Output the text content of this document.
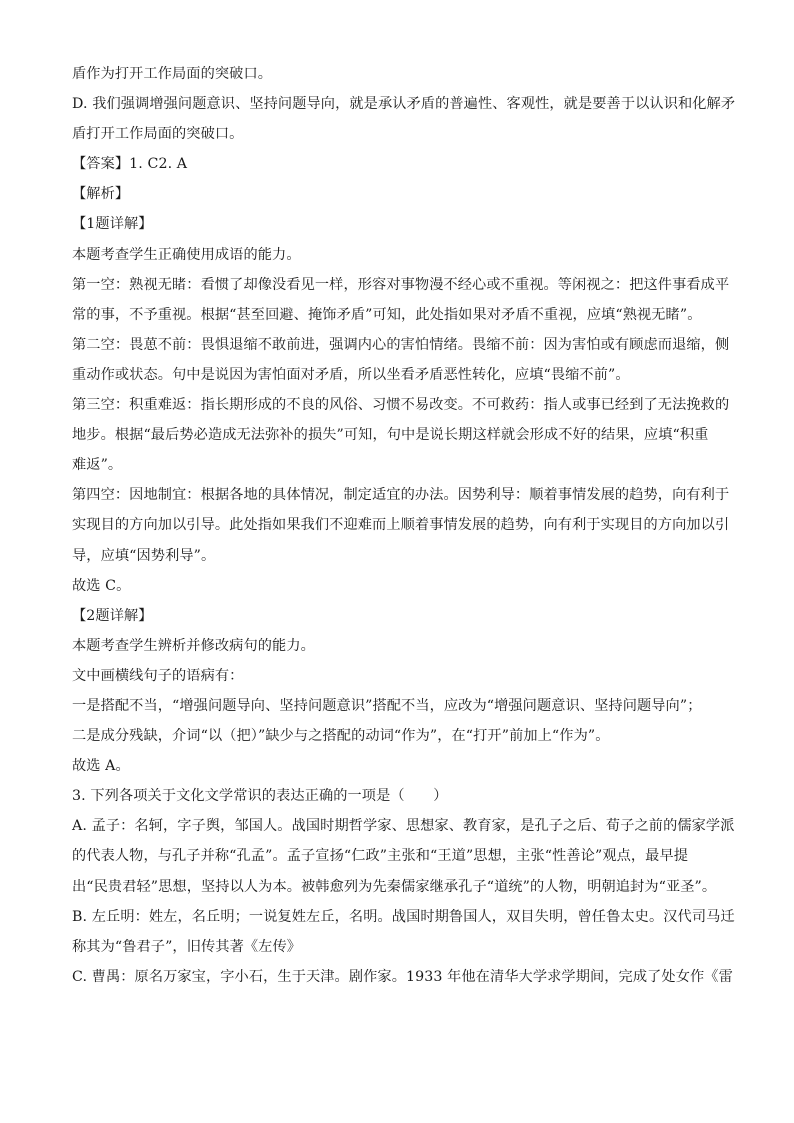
盾作为打开工作局面的突破口。
D. 我们强调增强问题意识、坚持问题导向，就是承认矛盾的普遍性、客观性，就是要善于以认识和化解矛
盾打开工作局面的突破口。
【答案】1. C2. A
【解析】
【1题详解】
本题考查学生正确使用成语的能力。
第一空：熟视无睹：看惯了却像没看见一样，形容对事物漫不经心或不重视。等闲视之：把这件事看成平
常的事，不予重视。根据“甚至回避、掩饰矛盾”可知，此处指如果对矛盾不重视，应填“熟视无睹”。
第二空：畏葸不前：畏惧退缩不敢前进，强调内心的害怕情绪。畏缩不前：因为害怕或有顾虑而退缩，侧
重动作或状态。句中是说因为害怕面对矛盾，所以坐看矛盾恶性转化，应填“畏缩不前”。
第三空：积重难返：指长期形成的不良的风俗、习惯不易改变。不可救药：指人或事已经到了无法挽救的
地步。根据“最后势必造成无法弥补的损失”可知，句中是说长期这样就会形成不好的结果，应填“积重
难返”。
第四空：因地制宜：根据各地的具体情况，制定适宜的办法。因势利导：顺着事情发展的趋势，向有利于
实现目的方向加以引导。此处指如果我们不迎难而上顺着事情发展的趋势，向有利于实现目的方向加以引
导，应填“因势利导”。
故选 C。
【2题详解】
本题考查学生辨析并修改病句的能力。
文中画横线句子的语病有：
一是搭配不当，“增强问题导向、坚持问题意识”搭配不当，应改为“增强问题意识、坚持问题导向”；
二是成分残缺，介词“以（把）”缺少与之搭配的动词“作为”，在“打开”前加上“作为”。
故选 A。
3. 下列各项关于文化文学常识的表达正确的一项是（　　）
A. 孟子：名轲，字子舆，邹国人。战国时期哲学家、思想家、教育家，是孔子之后、荀子之前的儒家学派
的代表人物，与孔子并称“孔孟”。孟子宣扬“仁政”主张和“王道”思想，主张“性善论”观点，最早提
出“民贵君轻”思想，坚持以人为本。被韩愈列为先秦儒家继承孔子“道统”的人物，明朝追封为“亚圣”。
B. 左丘明：姓左，名丘明；一说复姓左丘，名明。战国时期鲁国人，双目失明，曾任鲁太史。汉代司马迁
称其为“鲁君子”，旧传其著《左传》
C. 曹禺：原名万家宝，字小石，生于天津。剧作家。1933 年他在清华大学求学期间，完成了处女作《雷
